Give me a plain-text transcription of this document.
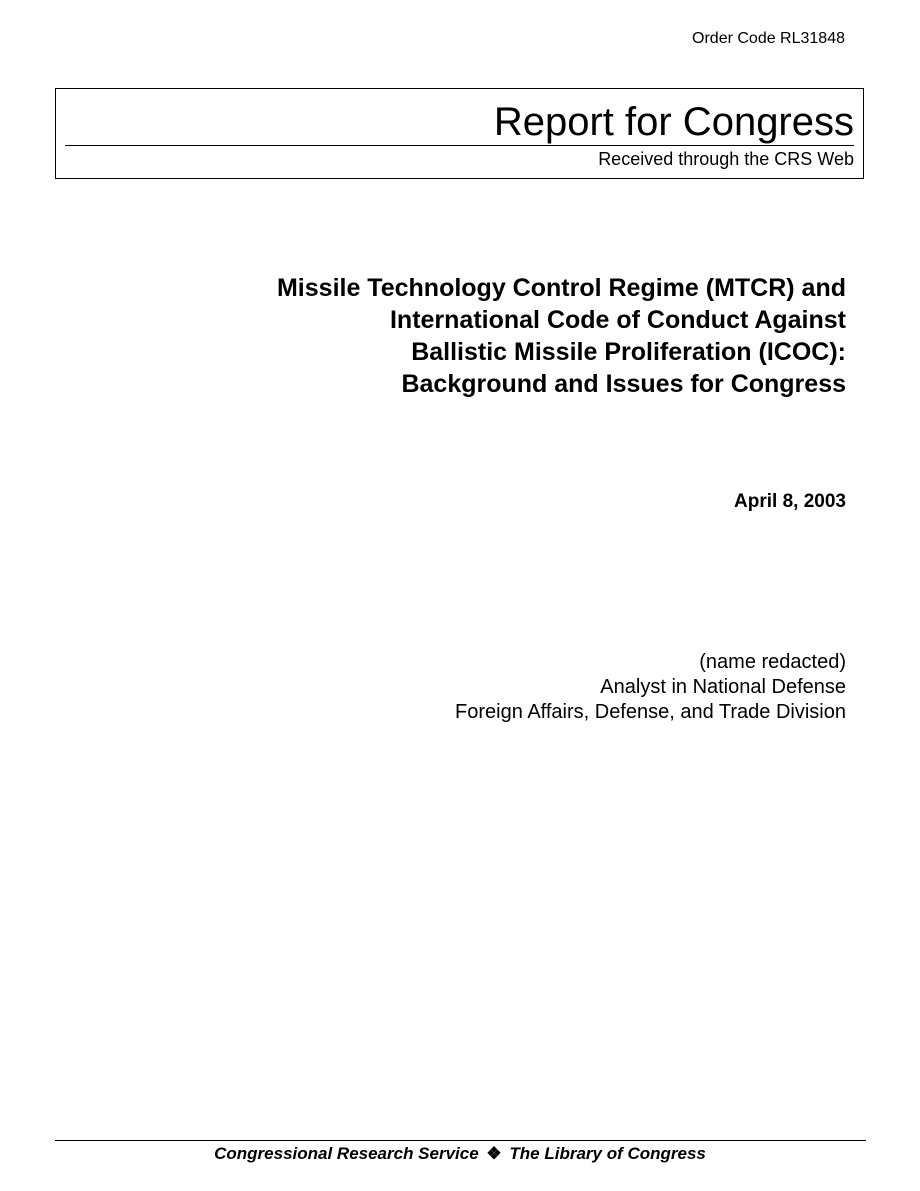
Order Code RL31848
Report for Congress
Received through the CRS Web
Missile Technology Control Regime (MTCR) and
International Code of Conduct Against
Ballistic Missile Proliferation (ICOC):
Background and Issues for Congress
April 8, 2003
(name redacted)
Analyst in National Defense
Foreign Affairs, Defense, and Trade Division
Congressional Research Service ❖ The Library of Congress
